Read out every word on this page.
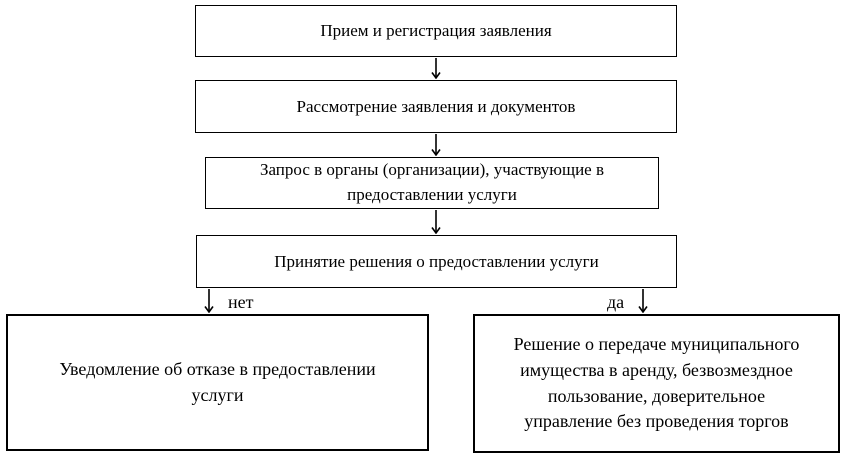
Прием и регистрация заявления
Рассмотрение заявления и документов
Запрос в органы (организации), участвующие в
предоставлении услуги
Принятие решения о предоставлении услуги
нет	да
Уведомление об отказе в предоставлении
услуги
Решение о передаче муниципального
имущества в аренду, безвозмездное
пользование, доверительное
управление без проведения торгов
